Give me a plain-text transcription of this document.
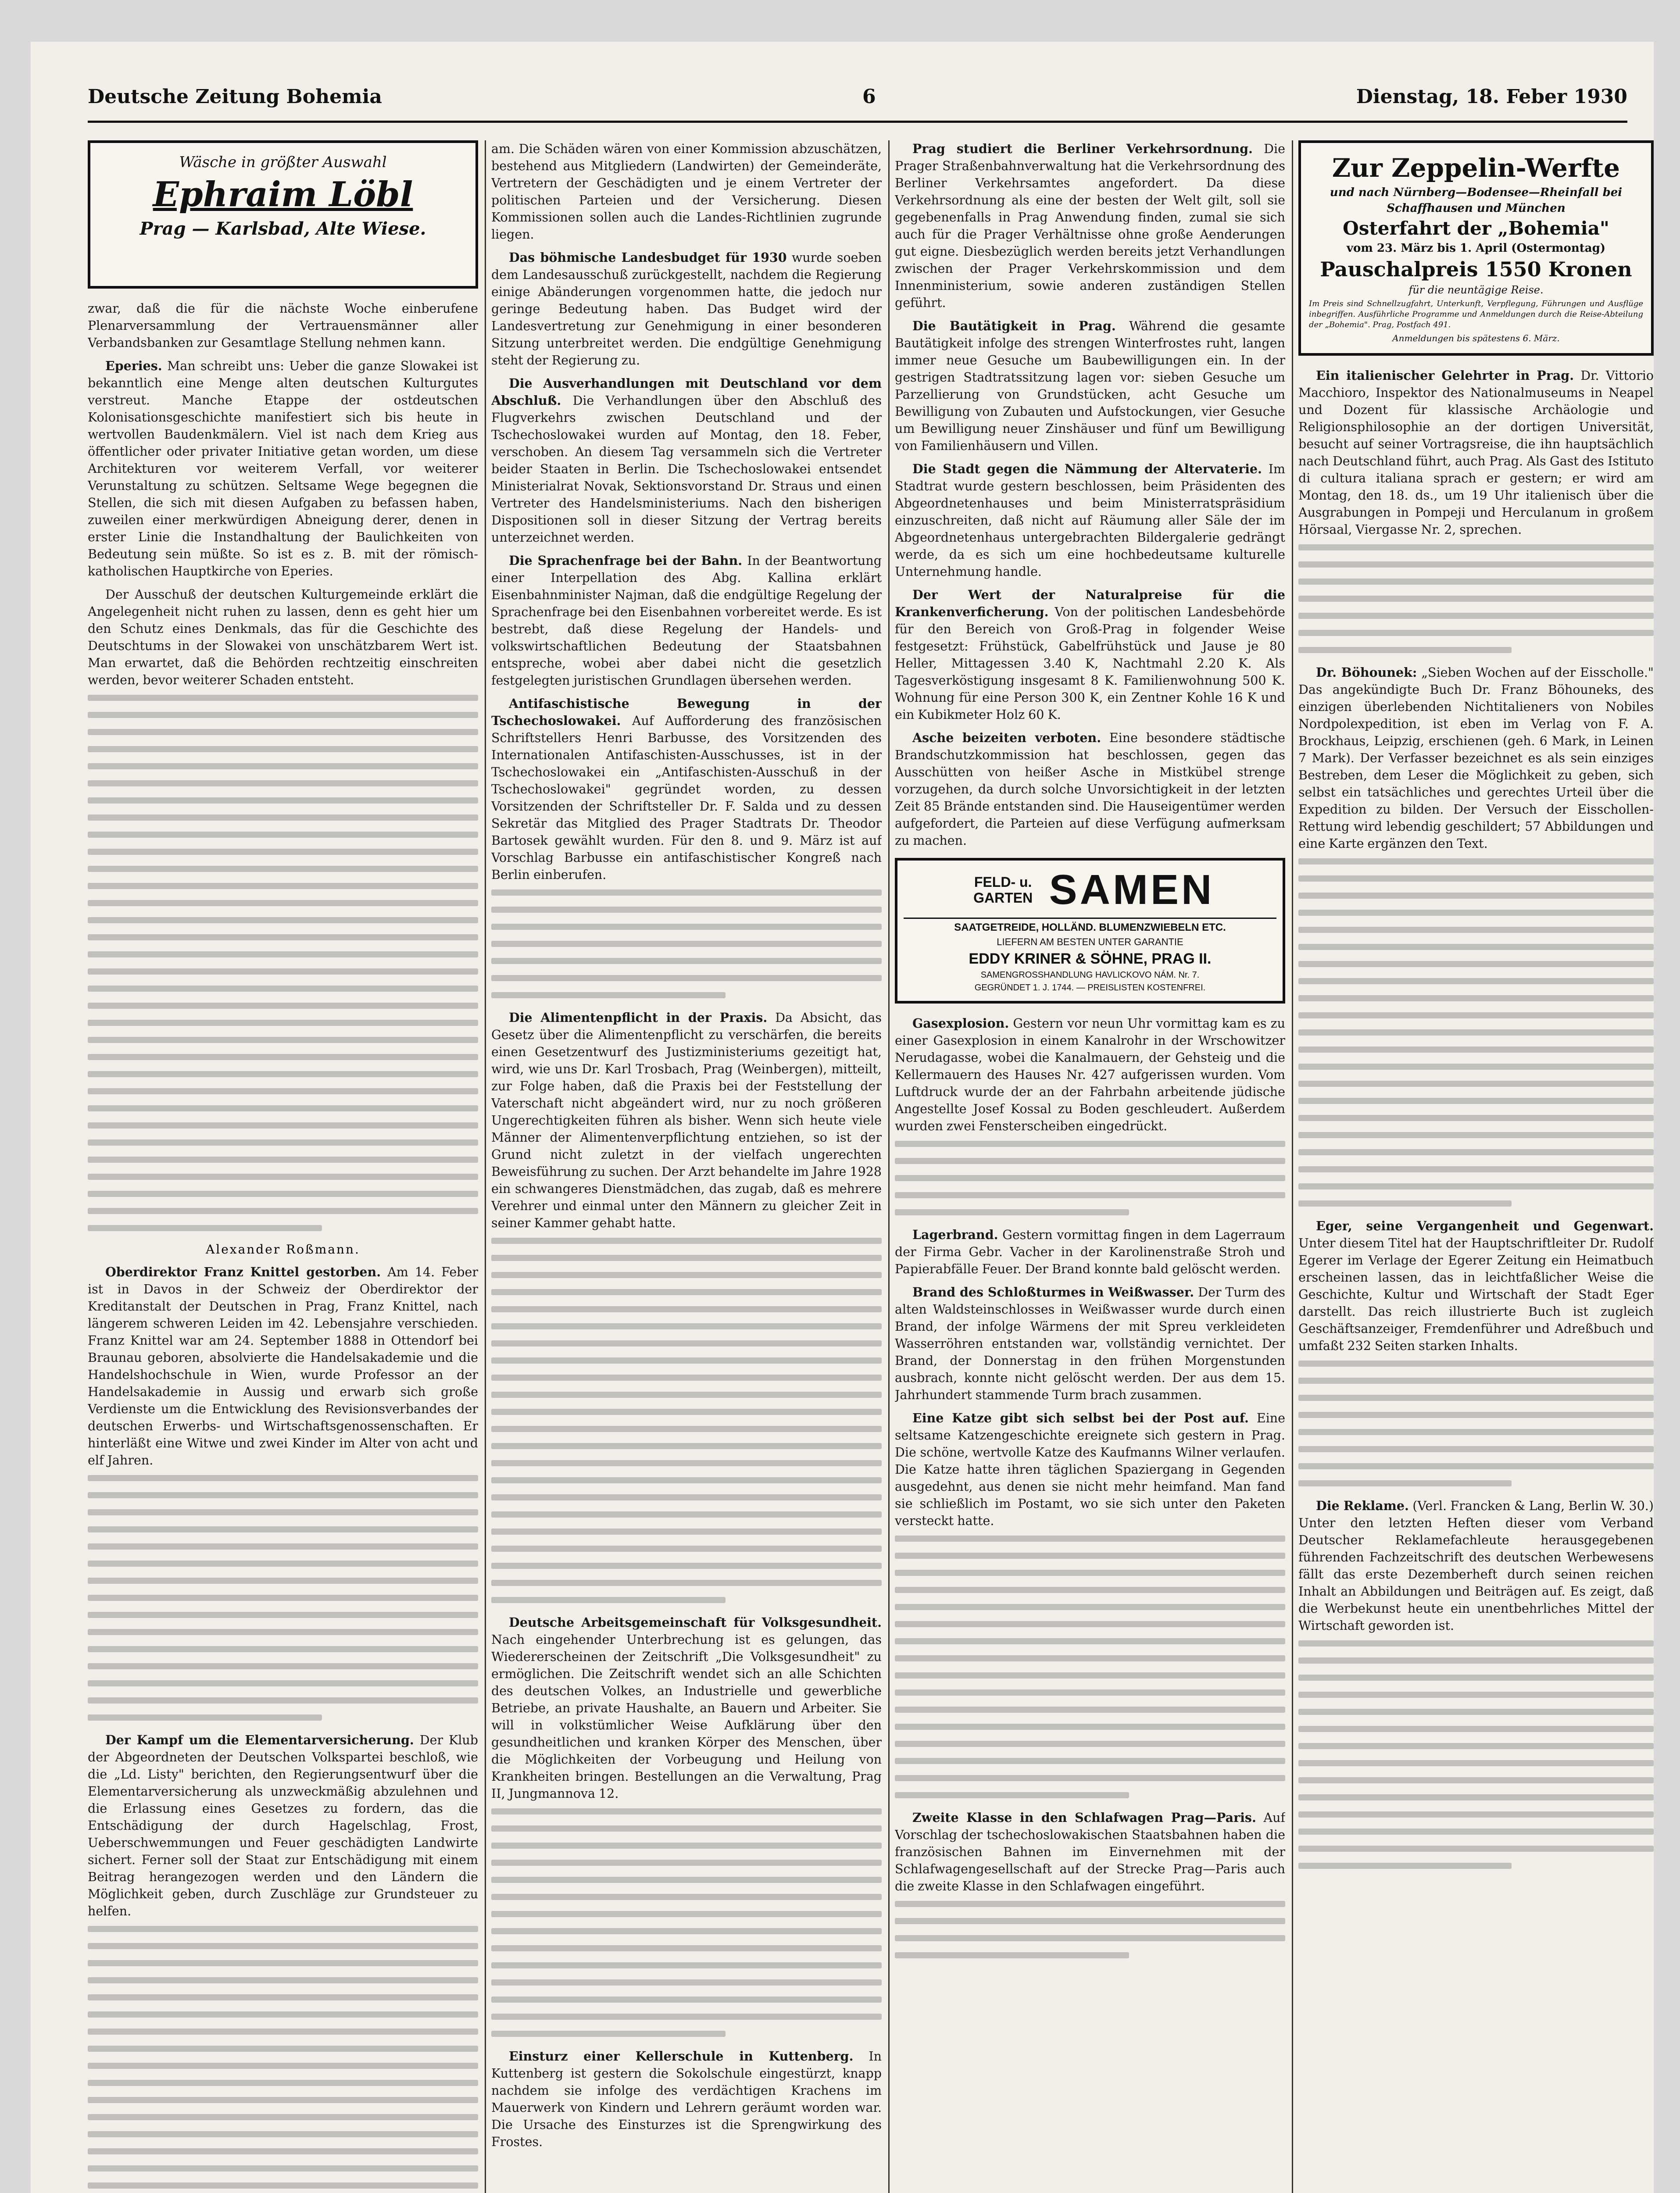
Deutsche Zeitung Bohemia	6	Dienstag, 18. Feber 1930

Wäsche in größter Auswahl

Ephraim Löbl

Prag — Karlsbad, Alte Wiese.

zwar, daß die für die nächste Woche einberufene Plenarversammlung der Vertrauensmänner aller Verbandsbanken zur Gesamtlage Stellung nehmen kann.

Eperies. Man schreibt uns: Ueber die ganze Slowakei ist bekanntlich eine Menge alten deutschen Kulturgutes verstreut. Manche Etappe der ostdeutschen Kolonisationsgeschichte manifestiert sich bis heute in wertvollen Baudenkmälern. Viel ist nach dem Krieg aus öffentlicher oder privater Initiative getan worden, um diese Architekturen vor weiterem Verfall, vor weiterer Verunstaltung zu schützen. Seltsame Wege begegnen die Stellen, die sich mit diesen Aufgaben zu befassen haben, zuweilen einer merkwürdigen Abneigung derer, denen in erster Linie die Instandhaltung der Baulichkeiten von Bedeutung sein müßte. So ist es z. B. mit der römisch-katholischen Hauptkirche von Eperies.

Der Ausschuß der deutschen Kulturgemeinde erklärt die Angelegenheit nicht ruhen zu lassen, denn es geht hier um den Schutz eines Denkmals, das für die Geschichte des Deutschtums in der Slowakei von unschätzbarem Wert ist. Man erwartet, daß die Behörden rechtzeitig einschreiten werden, bevor weiterer Schaden entsteht.

Alexander Roßmann.

Oberdirektor Franz Knittel gestorben. Am 14. Feber ist in Davos in der Schweiz der Oberdirektor der Kreditanstalt der Deutschen in Prag, Franz Knittel, nach längerem schweren Leiden im 42. Lebensjahre verschieden. Franz Knittel war am 24. September 1888 in Ottendorf bei Braunau geboren, absolvierte die Handelsakademie und die Handelshochschule in Wien, wurde Professor an der Handelsakademie in Aussig und erwarb sich große Verdienste um die Entwicklung des Revisionsverbandes der deutschen Erwerbs- und Wirtschaftsgenossenschaften. Er hinterläßt eine Witwe und zwei Kinder im Alter von acht und elf Jahren.

Der Kampf um die Elementarversicherung. Der Klub der Abgeordneten der Deutschen Volkspartei beschloß, wie die „Ld. Listy" berichten, den Regierungsentwurf über die Elementarversicherung als unzweckmäßig abzulehnen und die Erlassung eines Gesetzes zu fordern, das die Entschädigung der durch Hagelschlag, Frost, Ueberschwemmungen und Feuer geschädigten Landwirte sichert. Ferner soll der Staat zur Entschädigung mit einem Beitrag herangezogen werden und den Ländern die Möglichkeit geben, durch Zuschläge zur Grundsteuer zu helfen.

am. Die Schäden wären von einer Kommission abzuschätzen, bestehend aus Mitgliedern (Landwirten) der Gemeinderäte, Vertretern der Geschädigten und je einem Vertreter der politischen Parteien und der Versicherung. Diesen Kommissionen sollen auch die Landes-Richtlinien zugrunde liegen.

Das böhmische Landesbudget für 1930 wurde soeben dem Landesausschuß zurückgestellt, nachdem die Regierung einige Abänderungen vorgenommen hatte, die jedoch nur geringe Bedeutung haben. Das Budget wird der Landesvertretung zur Genehmigung in einer besonderen Sitzung unterbreitet werden. Die endgültige Genehmigung steht der Regierung zu.

Die Ausverhandlungen mit Deutschland vor dem Abschluß. Die Verhandlungen über den Abschluß des Flugverkehrs zwischen Deutschland und der Tschechoslowakei wurden auf Montag, den 18. Feber, verschoben. An diesem Tag versammeln sich die Vertreter beider Staaten in Berlin. Die Tschechoslowakei entsendet Ministerialrat Novak, Sektionsvorstand Dr. Straus und einen Vertreter des Handelsministeriums. Nach den bisherigen Dispositionen soll in dieser Sitzung der Vertrag bereits unterzeichnet werden.

Die Sprachenfrage bei der Bahn. In der Beantwortung einer Interpellation des Abg. Kallina erklärt Eisenbahnminister Najman, daß die endgültige Regelung der Sprachenfrage bei den Eisenbahnen vorbereitet werde. Es ist bestrebt, daß diese Regelung der Handels- und volkswirtschaftlichen Bedeutung der Staatsbahnen entspreche, wobei aber dabei nicht die gesetzlich festgelegten juristischen Grundlagen übersehen werden.

Antifaschistische Bewegung in der Tschechoslowakei. Auf Aufforderung des französischen Schriftstellers Henri Barbusse, des Vorsitzenden des Internationalen Antifaschisten-Ausschusses, ist in der Tschechoslowakei ein „Antifaschisten-Ausschuß in der Tschechoslowakei" gegründet worden, zu dessen Vorsitzenden der Schriftsteller Dr. F. Salda und zu dessen Sekretär das Mitglied des Prager Stadtrats Dr. Theodor Bartosek gewählt wurden. Für den 8. und 9. März ist auf Vorschlag Barbusse ein antifaschistischer Kongreß nach Berlin einberufen.

Die Alimentenpflicht in der Praxis. Da Absicht, das Gesetz über die Alimentenpflicht zu verschärfen, die bereits einen Gesetzentwurf des Justizministeriums gezeitigt hat, wird, wie uns Dr. Karl Trosbach, Prag (Weinbergen), mitteilt, zur Folge haben, daß die Praxis bei der Feststellung der Vaterschaft nicht abgeändert wird, nur zu noch größeren Ungerechtigkeiten führen als bisher. Wenn sich heute viele Männer der Alimentenverpflichtung entziehen, so ist der Grund nicht zuletzt in der vielfach ungerechten Beweisführung zu suchen. Der Arzt behandelte im Jahre 1928 ein schwangeres Dienstmädchen, das zugab, daß es mehrere Verehrer und einmal unter den Männern zu gleicher Zeit in seiner Kammer gehabt hatte.

Deutsche Arbeitsgemeinschaft für Volksgesundheit. Nach eingehender Unterbrechung ist es gelungen, das Wiedererscheinen der Zeitschrift „Die Volksgesundheit" zu ermöglichen. Die Zeitschrift wendet sich an alle Schichten des deutschen Volkes, an Industrielle und gewerbliche Betriebe, an private Haushalte, an Bauern und Arbeiter. Sie will in volkstümlicher Weise Aufklärung über den gesundheitlichen und kranken Körper des Menschen, über die Möglichkeiten der Vorbeugung und Heilung von Krankheiten bringen. Bestellungen an die Verwaltung, Prag II, Jungmannova 12.

Einsturz einer Kellerschule in Kuttenberg. In Kuttenberg ist gestern die Sokolschule eingestürzt, knapp nachdem sie infolge des verdächtigen Krachens im Mauerwerk von Kindern und Lehrern geräumt worden war. Die Ursache des Einsturzes ist die Sprengwirkung des Frostes.

Prag studiert die Berliner Verkehrsordnung. Die Prager Straßenbahnverwaltung hat die Verkehrsordnung des Berliner Verkehrsamtes angefordert. Da diese Verkehrsordnung als eine der besten der Welt gilt, soll sie gegebenenfalls in Prag Anwendung finden, zumal sie sich auch für die Prager Verhältnisse ohne große Aenderungen gut eigne. Diesbezüglich werden bereits jetzt Verhandlungen zwischen der Prager Verkehrskommission und dem Innenministerium, sowie anderen zuständigen Stellen geführt.

Die Bautätigkeit in Prag. Während die gesamte Bautätigkeit infolge des strengen Winterfrostes ruht, langen immer neue Gesuche um Baubewilligungen ein. In der gestrigen Stadtratssitzung lagen vor: sieben Gesuche um Parzellierung von Grundstücken, acht Gesuche um Bewilligung von Zubauten und Aufstockungen, vier Gesuche um Bewilligung neuer Zinshäuser und fünf um Bewilligung von Familienhäusern und Villen.

Die Stadt gegen die Nämmung der Altervaterie. Im Stadtrat wurde gestern beschlossen, beim Präsidenten des Abgeordnetenhauses und beim Ministerratspräsidium einzuschreiten, daß nicht auf Räumung aller Säle der im Abgeordnetenhaus untergebrachten Bildergalerie gedrängt werde, da es sich um eine hochbedeutsame kulturelle Unternehmung handle.

Der Wert der Naturalpreise für die Krankenverficherung. Von der politischen Landesbehörde für den Bereich von Groß-Prag in folgender Weise festgesetzt: Frühstück, Gabelfrühstück und Jause je 80 Heller, Mittagessen 3.40 K, Nachtmahl 2.20 K. Als Tagesverköstigung insgesamt 8 K. Familienwohnung 500 K. Wohnung für eine Person 300 K, ein Zentner Kohle 16 K und ein Kubikmeter Holz 60 K.

Asche beizeiten verboten. Eine besondere städtische Brandschutzkommission hat beschlossen, gegen das Ausschütten von heißer Asche in Mistkübel strenge vorzugehen, da durch solche Unvorsichtigkeit in der letzten Zeit 85 Brände entstanden sind. Die Hauseigentümer werden aufgefordert, die Parteien auf diese Verfügung aufmerksam zu machen.

FELD- u. GARTEN SAMEN

SAATGETREIDE, HOLLÄND. BLUMENZWIEBELN ETC.

LIEFERN AM BESTEN UNTER GARANTIE

EDDY KRINER & SÖHNE, PRAG II.

SAMENGROSSHANDLUNG HAVLICKOVO NÁM. Nr. 7.

GEGRÜNDET 1. J. 1744. — PREISLISTEN KOSTENFREI.

Gasexplosion. Gestern vor neun Uhr vormittag kam es zu einer Gasexplosion in einem Kanalrohr in der Wrschowitzer Nerudagasse, wobei die Kanalmauern, der Gehsteig und die Kellermauern des Hauses Nr. 427 aufgerissen wurden. Vom Luftdruck wurde der an der Fahrbahn arbeitende jüdische Angestellte Josef Kossal zu Boden geschleudert. Außerdem wurden zwei Fensterscheiben eingedrückt.

Lagerbrand. Gestern vormittag fingen in dem Lagerraum der Firma Gebr. Vacher in der Karolinenstraße Stroh und Papierabfälle Feuer. Der Brand konnte bald gelöscht werden.

Brand des Schloßturmes in Weißwasser. Der Turm des alten Waldsteinschlosses in Weißwasser wurde durch einen Brand, der infolge Wärmens der mit Spreu verkleideten Wasserröhren entstanden war, vollständig vernichtet. Der Brand, der Donnerstag in den frühen Morgenstunden ausbrach, konnte nicht gelöscht werden. Der aus dem 15. Jahrhundert stammende Turm brach zusammen.

Eine Katze gibt sich selbst bei der Post auf. Eine seltsame Katzengeschichte ereignete sich gestern in Prag. Die schöne, wertvolle Katze des Kaufmanns Wilner verlaufen. Die Katze hatte ihren täglichen Spaziergang in Gegenden ausgedehnt, aus denen sie nicht mehr heimfand. Man fand sie schließlich im Postamt, wo sie sich unter den Paketen versteckt hatte.

Zweite Klasse in den Schlafwagen Prag—Paris. Auf Vorschlag der tschechoslowakischen Staatsbahnen haben die französischen Bahnen im Einvernehmen mit der Schlafwagengesellschaft auf der Strecke Prag—Paris auch die zweite Klasse in den Schlafwagen eingeführt.

Zur Zeppelin-Werfte

und nach Nürnberg—Bodensee—Rheinfall bei

Schaffhausen und München

Osterfahrt der „Bohemia"

vom 23. März bis 1. April (Ostermontag)

Pauschalpreis 1550 Kronen

für die neuntägige Reise.

Im Preis sind Schnellzugfahrt, Unterkunft, Verpflegung, Führungen und Ausflüge inbegriffen. Ausführliche Programme und Anmeldungen durch die Reise-Abteilung der „Bohemia". Prag, Postfach 491.

Anmeldungen bis spätestens 6. März.

Ein italienischer Gelehrter in Prag. Dr. Vittorio Macchioro, Inspektor des Nationalmuseums in Neapel und Dozent für klassische Archäologie und Religionsphilosophie an der dortigen Universität, besucht auf seiner Vortragsreise, die ihn hauptsächlich nach Deutschland führt, auch Prag. Als Gast des Istituto di cultura italiana sprach er gestern; er wird am Montag, den 18. ds., um 19 Uhr italienisch über die Ausgrabungen in Pompeji und Herculanum in großem Hörsaal, Viergasse Nr. 2, sprechen.

Dr. Böhounek: „Sieben Wochen auf der Eisscholle." Das angekündigte Buch Dr. Franz Böhouneks, des einzigen überlebenden Nichtitalieners von Nobiles Nordpolexpedition, ist eben im Verlag von F. A. Brockhaus, Leipzig, erschienen (geh. 6 Mark, in Leinen 7 Mark). Der Verfasser bezeichnet es als sein einziges Bestreben, dem Leser die Möglichkeit zu geben, sich selbst ein tatsächliches und gerechtes Urteil über die Expedition zu bilden. Der Versuch der Eisschollen-Rettung wird lebendig geschildert; 57 Abbildungen und eine Karte ergänzen den Text.

Eger, seine Vergangenheit und Gegenwart. Unter diesem Titel hat der Hauptschriftleiter Dr. Rudolf Egerer im Verlage der Egerer Zeitung ein Heimatbuch erscheinen lassen, das in leichtfaßlicher Weise die Geschichte, Kultur und Wirtschaft der Stadt Eger darstellt. Das reich illustrierte Buch ist zugleich Geschäftsanzeiger, Fremdenführer und Adreßbuch und umfaßt 232 Seiten starken Inhalts.

Die Reklame. (Verl. Francken & Lang, Berlin W. 30.) Unter den letzten Heften dieser vom Verband Deutscher Reklamefachleute herausgegebenen führenden Fachzeitschrift des deutschen Werbewesens fällt das erste Dezemberheft durch seinen reichen Inhalt an Abbildungen und Beiträgen auf. Es zeigt, daß die Werbekunst heute ein unentbehrliches Mittel der Wirtschaft geworden ist.
